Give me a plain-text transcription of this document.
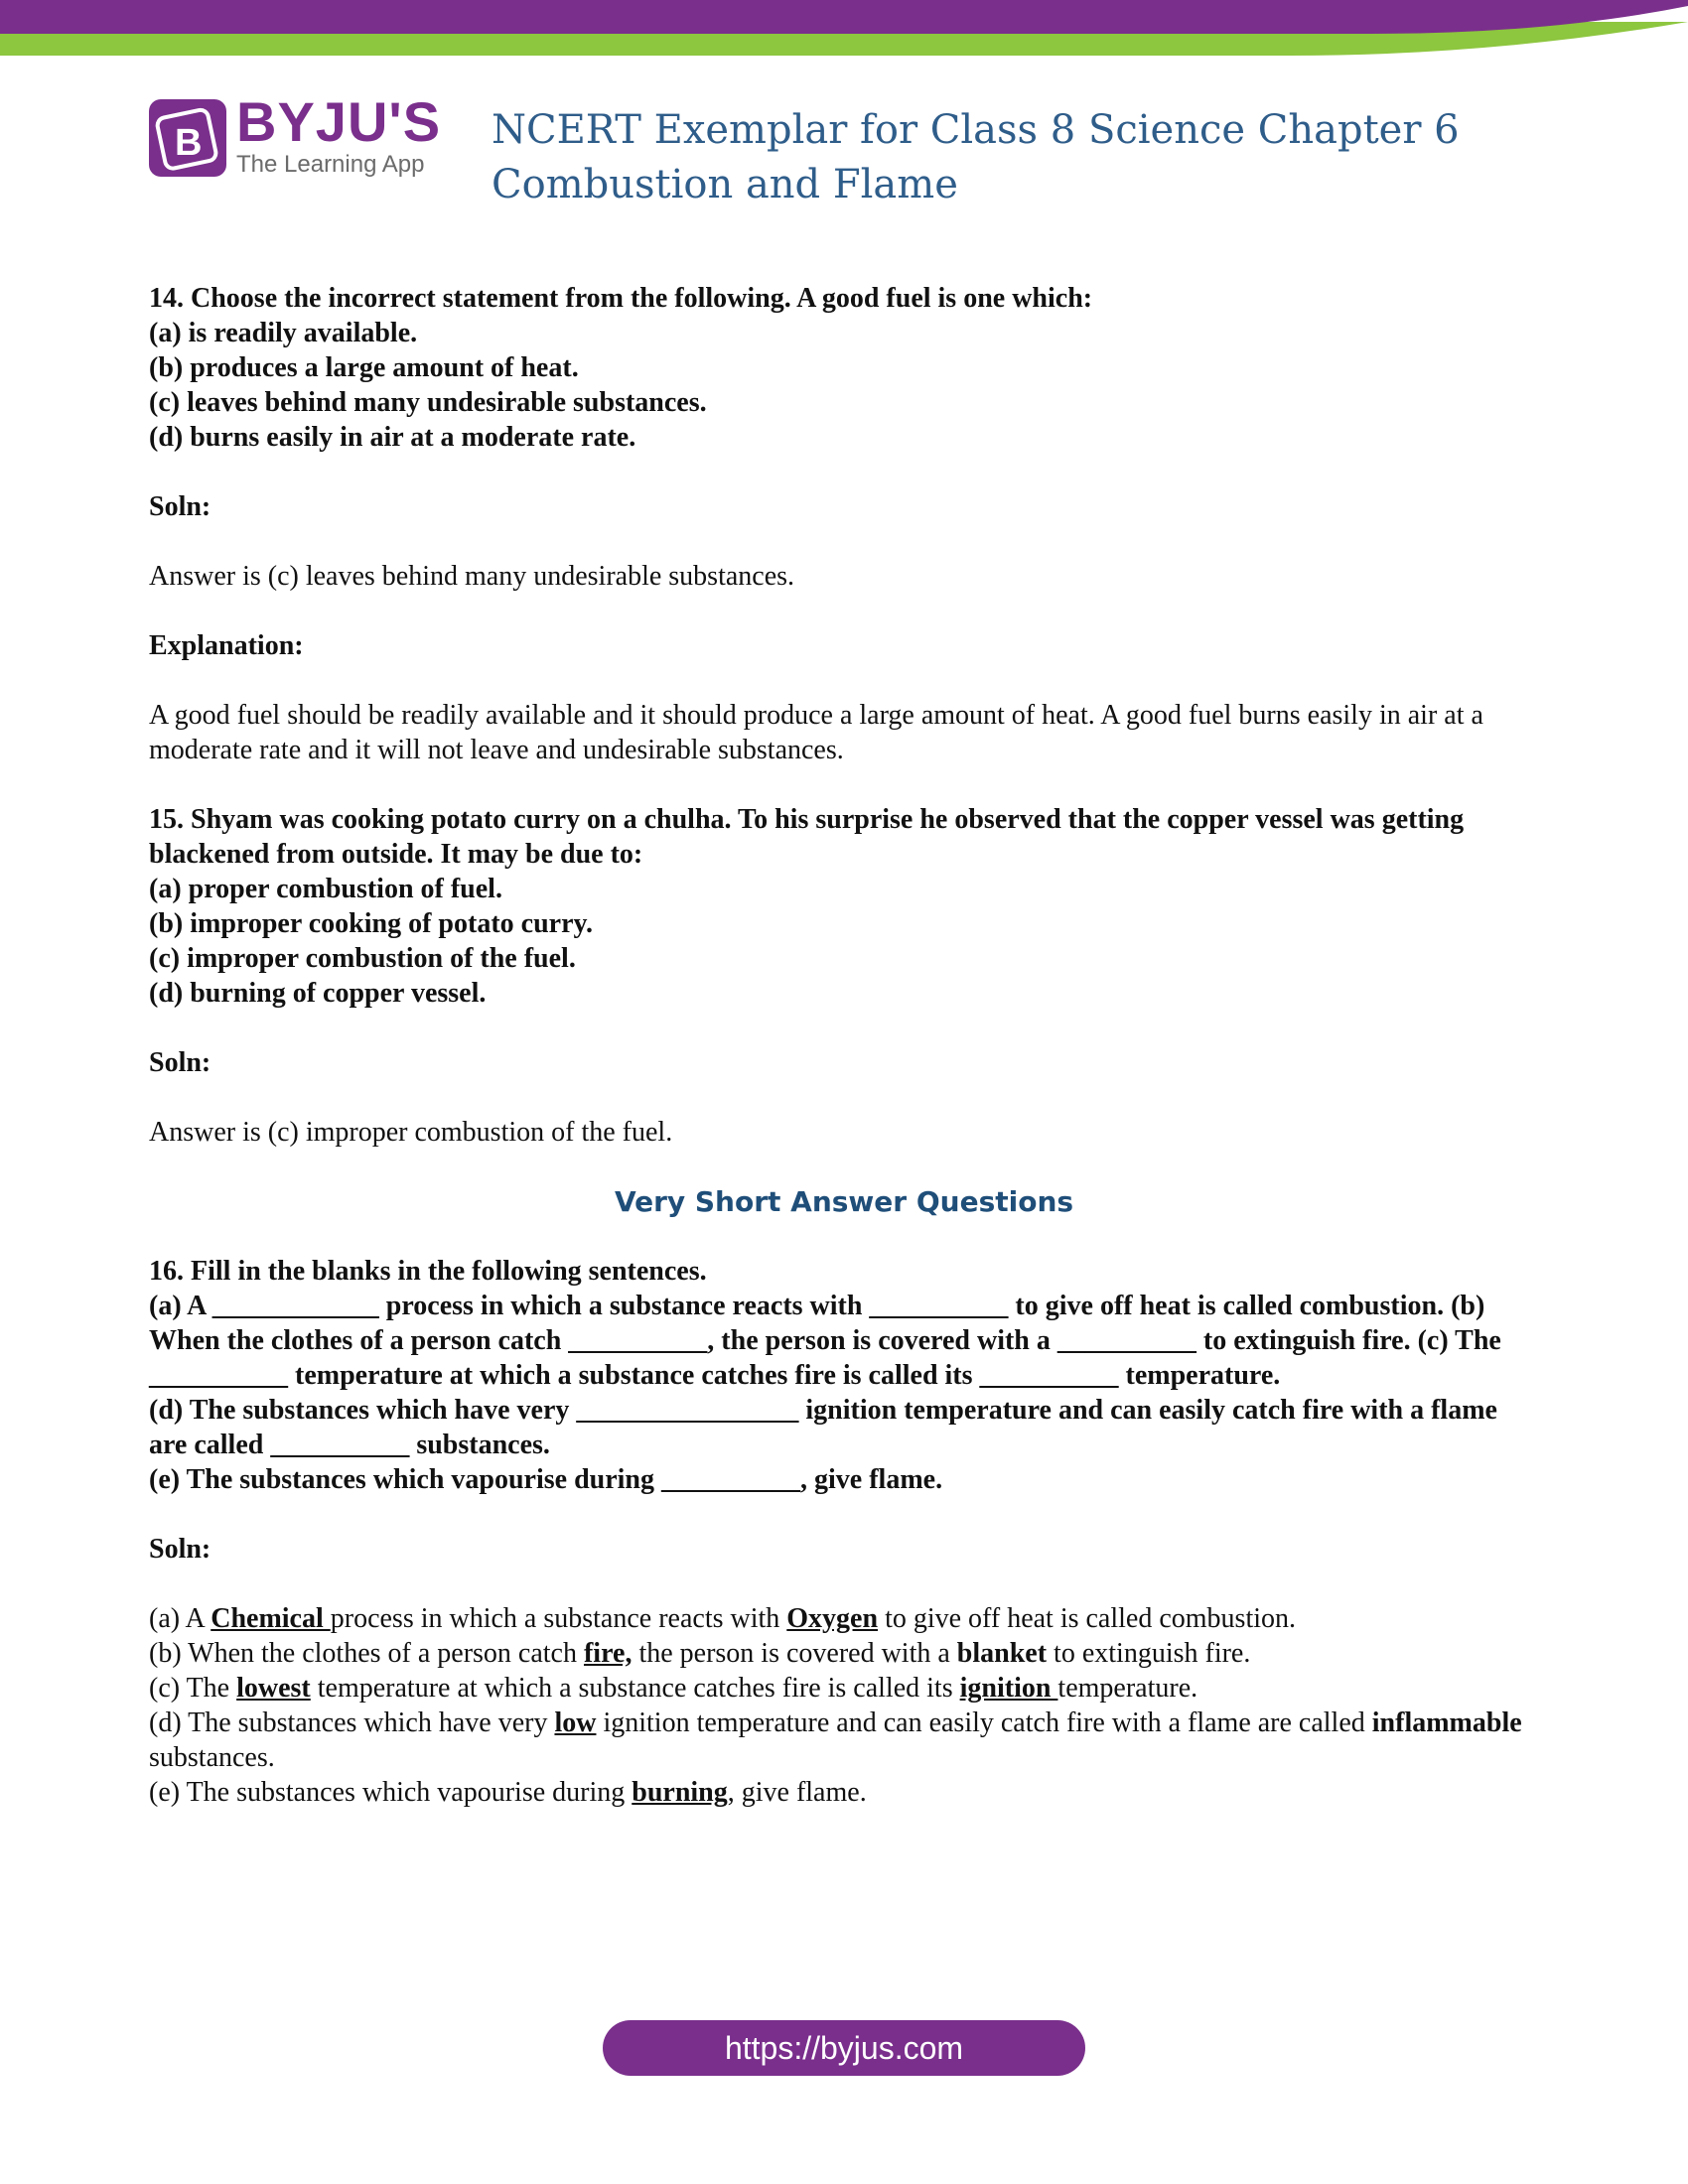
B BYJU'S
The Learning App
NCERT Exemplar for Class 8 Science Chapter 6
Combustion and Flame

14. Choose the incorrect statement from the following. A good fuel is one which:

(a) is readily available.

(b) produces a large amount of heat.

(c) leaves behind many undesirable substances.

(d) burns easily in air at a moderate rate.

Soln:

Answer is (c) leaves behind many undesirable substances.

Explanation:

A good fuel should be readily available and it should produce a large amount of heat. A good fuel burns easily in air at a moderate rate and it will not leave and undesirable substances.

15. Shyam was cooking potato curry on a chulha. To his surprise he observed that the copper vessel was getting blackened from outside. It may be due to:

(a) proper combustion of fuel.

(b) improper cooking of potato curry.

(c) improper combustion of the fuel.

(d) burning of copper vessel.

Soln:

Answer is (c) improper combustion of the fuel.

Very Short Answer Questions

16. Fill in the blanks in the following sentences.

(a) A ____________ process in which a substance reacts with __________ to give off heat is called combustion. (b) When the clothes of a person catch __________, the person is covered with a __________ to extinguish fire. (c) The __________ temperature at which a substance catches fire is called its __________ temperature.

(d) The substances which have very ________________ ignition temperature and can easily catch fire with a flame are called __________ substances.

(e) The substances which vapourise during __________, give flame.

Soln:

(a) A Chemical process in which a substance reacts with Oxygen to give off heat is called combustion.

(b) When the clothes of a person catch fire, the person is covered with a blanket to extinguish fire.

(c) The lowest temperature at which a substance catches fire is called its ignition temperature.

(d) The substances which have very low ignition temperature and can easily catch fire with a flame are called inflammable substances.

(e) The substances which vapourise during burning, give flame.

https://byjus.com
